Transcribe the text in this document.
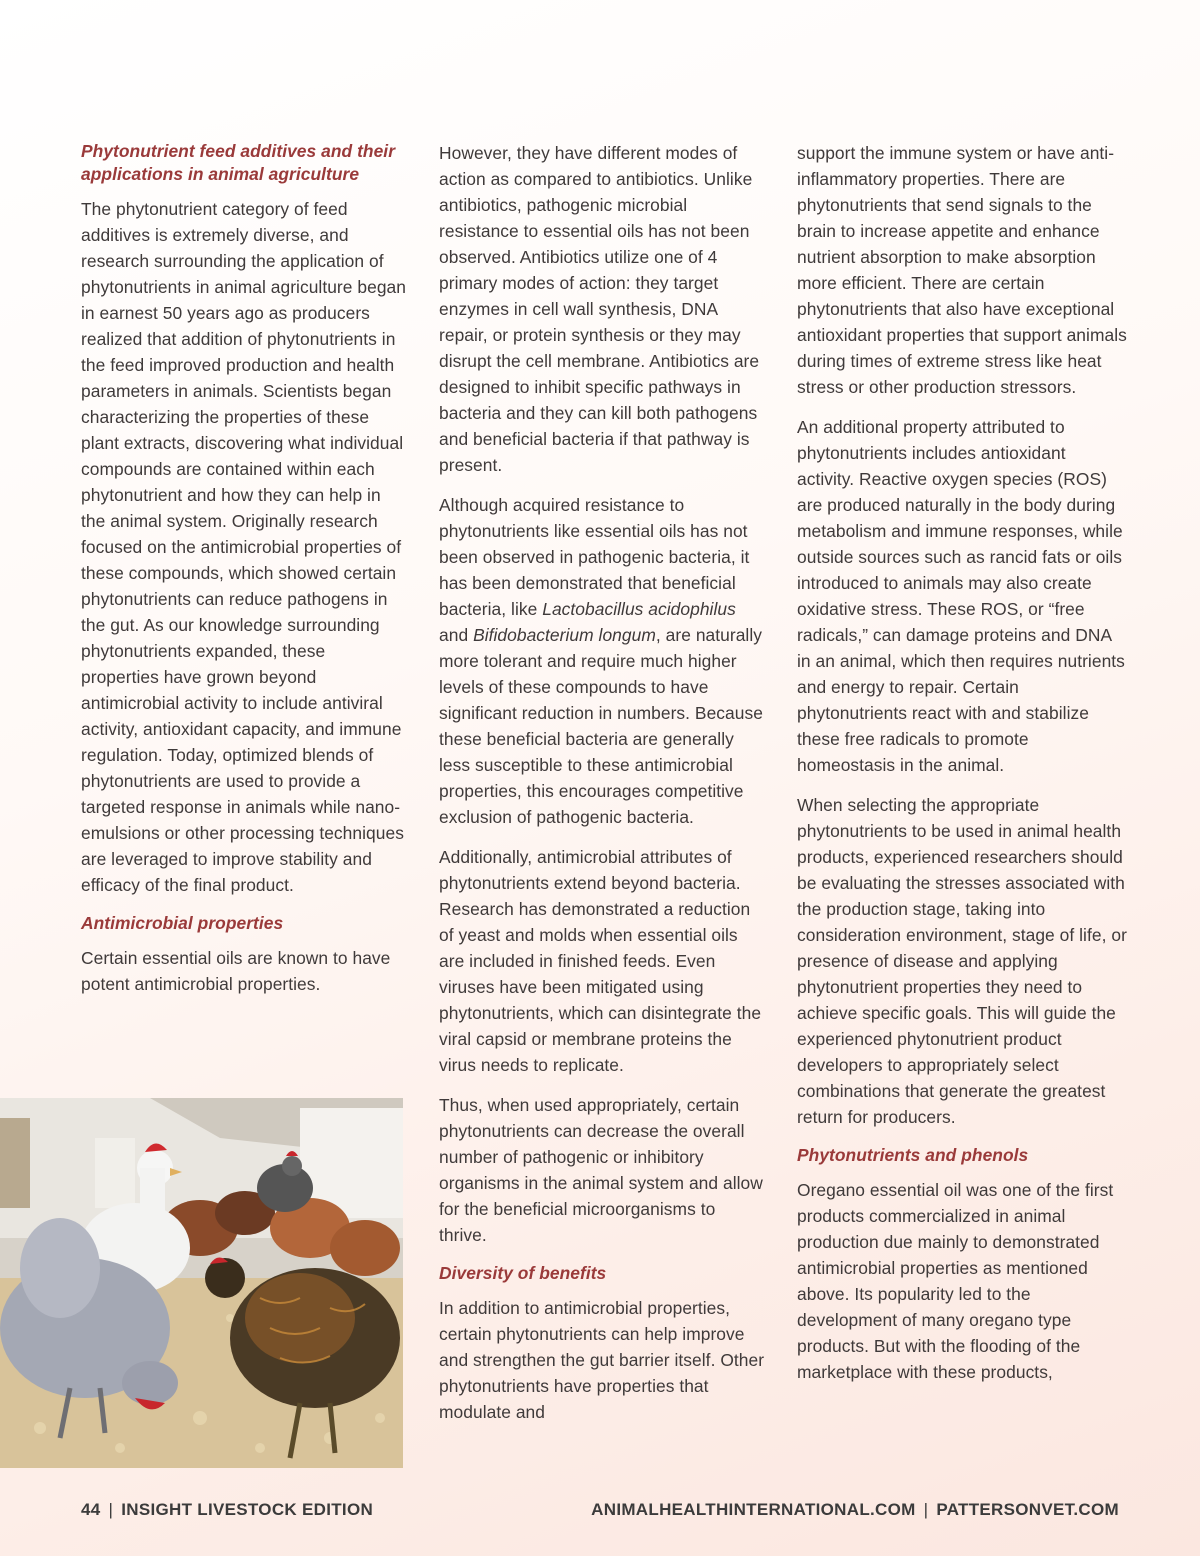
Phytonutrient feed additives and their applications in animal agriculture

The phytonutrient category of feed additives is extremely diverse, and research surrounding the application of phytonutrients in animal agriculture began in earnest 50 years ago as producers realized that addition of phytonutrients in the feed improved production and health parameters in animals. Scientists began characterizing the properties of these plant extracts, discovering what individual compounds are contained within each phytonutrient and how they can help in the animal system. Originally research focused on the antimicrobial properties of these compounds, which showed certain phytonutrients can reduce pathogens in the gut. As our knowledge surrounding phytonutrients expanded, these properties have grown beyond antimicrobial activity to include antiviral activity, antioxidant capacity, and immune regulation. Today, optimized blends of phytonutrients are used to provide a targeted response in animals while nano-emulsions or other processing techniques are leveraged to improve stability and efficacy of the final product.

Antimicrobial properties

Certain essential oils are known to have potent antimicrobial properties.

However, they have different modes of action as compared to antibiotics. Unlike antibiotics, pathogenic microbial resistance to essential oils has not been observed. Antibiotics utilize one of 4 primary modes of action: they target enzymes in cell wall synthesis, DNA repair, or protein synthesis or they may disrupt the cell membrane. Antibiotics are designed to inhibit specific pathways in bacteria and they can kill both pathogens and beneficial bacteria if that pathway is present.

Although acquired resistance to phytonutrients like essential oils has not been observed in pathogenic bacteria, it has been demonstrated that beneficial bacteria, like Lactobacillus acidophilus and Bifidobacterium longum, are naturally more tolerant and require much higher levels of these compounds to have significant reduction in numbers. Because these beneficial bacteria are generally less susceptible to these antimicrobial properties, this encourages competitive exclusion of pathogenic bacteria.

Additionally, antimicrobial attributes of phytonutrients extend beyond bacteria. Research has demonstrated a reduction of yeast and molds when essential oils are included in finished feeds. Even viruses have been mitigated using phytonutrients, which can disintegrate the viral capsid or membrane proteins the virus needs to replicate.

Thus, when used appropriately, certain phytonutrients can decrease the overall number of pathogenic or inhibitory organisms in the animal system and allow for the beneficial microorganisms to thrive.

Diversity of benefits

In addition to antimicrobial properties, certain phytonutrients can help improve and strengthen the gut barrier itself. Other phytonutrients have properties that modulate and

support the immune system or have anti-inflammatory properties. There are phytonutrients that send signals to the brain to increase appetite and enhance nutrient absorption to make absorption more efficient. There are certain phytonutrients that also have exceptional antioxidant properties that support animals during times of extreme stress like heat stress or other production stressors.

An additional property attributed to phytonutrients includes antioxidant activity. Reactive oxygen species (ROS) are produced naturally in the body during metabolism and immune responses, while outside sources such as rancid fats or oils introduced to animals may also create oxidative stress. These ROS, or “free radicals,” can damage proteins and DNA in an animal, which then requires nutrients and energy to repair. Certain phytonutrients react with and stabilize these free radicals to promote homeostasis in the animal.

When selecting the appropriate phytonutrients to be used in animal health products, experienced researchers should be evaluating the stresses associated with the production stage, taking into consideration environment, stage of life, or presence of disease and applying phytonutrient properties they need to achieve specific goals. This will guide the experienced phytonutrient product developers to appropriately select combinations that generate the greatest return for producers.

Phytonutrients and phenols

Oregano essential oil was one of the first products commercialized in animal production due mainly to demonstrated antimicrobial properties as mentioned above. Its popularity led to the development of many oregano type products. But with the flooding of the marketplace with these products,

44 | INSIGHT LIVESTOCK EDITION	ANIMALHEALTHINTERNATIONAL.COM | PATTERSONVET.COM
